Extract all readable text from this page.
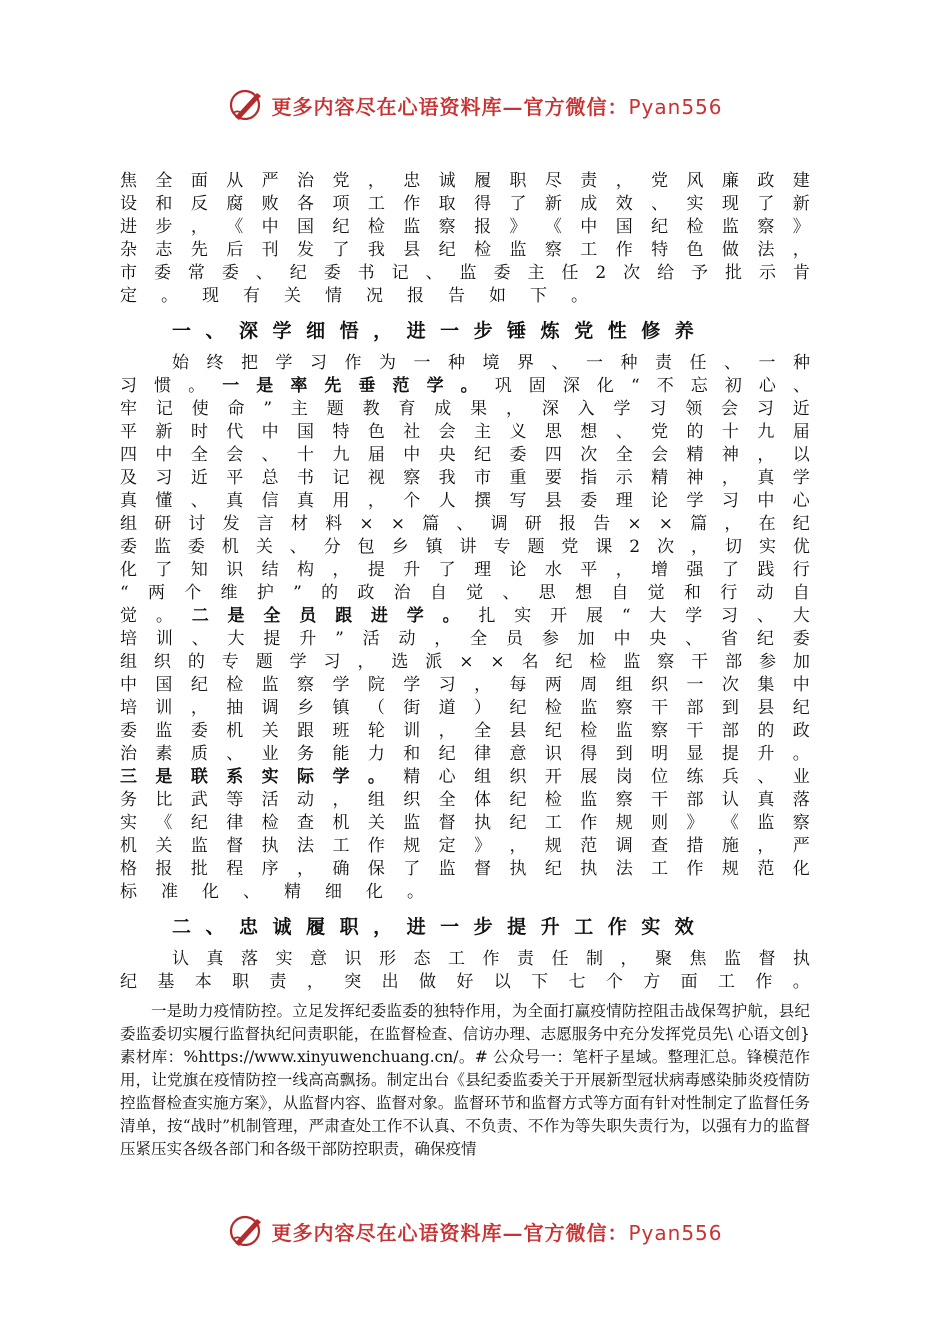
更多内容尽在心语资料库—官方微信：Pyan556
焦 全 面 从 严 治 党 ， 忠 诚 履 职 尽 责 ， 党 风 廉 政 建
设 和 反 腐 败 各 项 工 作 取 得 了 新 成 效 、 实 现 了 新
进 步 ， 《 中 国 纪 检 监 察 报 》 《 中 国 纪 检 监 察 》
杂 志 先 后 刊 发 了 我 县 纪 检 监 察 工 作 特 色 做 法 ，
市 委 常 委 、 纪 委 书 记 、 监 委 主 任 2 次 给 予 批 示 肯
定 。 现 有 关 情 况 报 告 如 下 。
一 、 深 学 细 悟 ， 进 一 步 锤 炼 党 性 修 养
始 终 把 学 习 作 为 一 种 境 界 、 一 种 责 任 、 一 种
习 惯 。 一 是 率 先 垂 范 学 。 巩 固 深 化 “ 不 忘 初 心 、
牢 记 使 命 ” 主 题 教 育 成 果 ， 深 入 学 习 领 会 习 近
平 新 时 代 中 国 特 色 社 会 主 义 思 想 、 党 的 十 九 届
四 中 全 会 、 十 九 届 中 央 纪 委 四 次 全 会 精 神 ， 以
及 习 近 平 总 书 记 视 察 我 市 重 要 指 示 精 神 ， 真 学
真 懂 、 真 信 真 用 ， 个 人 撰 写 县 委 理 论 学 习 中 心
组 研 讨 发 言 材 料 × × 篇 、 调 研 报 告 × × 篇 ， 在 纪
委 监 委 机 关 、 分 包 乡 镇 讲 专 题 党 课 2 次 ， 切 实 优
化 了 知 识 结 构 ， 提 升 了 理 论 水 平 ， 增 强 了 践 行
“ 两 个 维 护 ” 的 政 治 自 觉 、 思 想 自 觉 和 行 动 自
觉 。 二 是 全 员 跟 进 学 。 扎 实 开 展 “ 大 学 习 、 大
培 训 、 大 提 升 ” 活 动 ， 全 员 参 加 中 央 、 省 纪 委
组 织 的 专 题 学 习 ， 选 派 × × 名 纪 检 监 察 干 部 参 加
中 国 纪 检 监 察 学 院 学 习 ， 每 两 周 组 织 一 次 集 中
培 训 ， 抽 调 乡 镇 （ 街 道 ） 纪 检 监 察 干 部 到 县 纪
委 监 委 机 关 跟 班 轮 训 ， 全 县 纪 检 监 察 干 部 的 政
治 素 质 、 业 务 能 力 和 纪 律 意 识 得 到 明 显 提 升 。
三 是 联 系 实 际 学 。 精 心 组 织 开 展 岗 位 练 兵 、 业
务 比 武 等 活 动 ， 组 织 全 体 纪 检 监 察 干 部 认 真 落
实 《 纪 律 检 查 机 关 监 督 执 纪 工 作 规 则 》 《 监 察
机 关 监 督 执 法 工 作 规 定 》 ， 规 范 调 查 措 施 ， 严
格 报 批 程 序 ， 确 保 了 监 督 执 纪 执 法 工 作 规 范 化
标 准 化 、 精 细 化 。
二 、 忠 诚 履 职 ， 进 一 步 提 升 工 作 实 效
认 真 落 实 意 识 形 态 工 作 责 任 制 ， 聚 焦 监 督 执
纪 基 本 职 责 ， 突 出 做 好 以 下 七 个 方 面 工 作 。
一是助力疫情防控。立足发挥纪委监委的独特作用，为全面打赢疫情防控阻击战保驾护航，县纪委监委切实履行监督执纪问责职能，在监督检查、信访办理、志愿服务中充分发挥党员先\ 心语文创} 素材库：%https://www.xinyuwenchuang.cn/。# 公众号一：笔杆子星域。整理汇总。锋模范作用，让党旗在疫情防控一线高高飘扬。制定出台《县纪委监委关于开展新型冠状病毒感染肺炎疫情防控监督检查实施方案》，从监督内容、监督对象。监督环节和监督方式等方面有针对性制定了监督任务清单，按“战时”机制管理，严肃查处工作不认真、不负责、不作为等失职失责行为，以强有力的监督压紧压实各级各部门和各级干部防控职责，确保疫情
更多内容尽在心语资料库—官方微信：Pyan556
